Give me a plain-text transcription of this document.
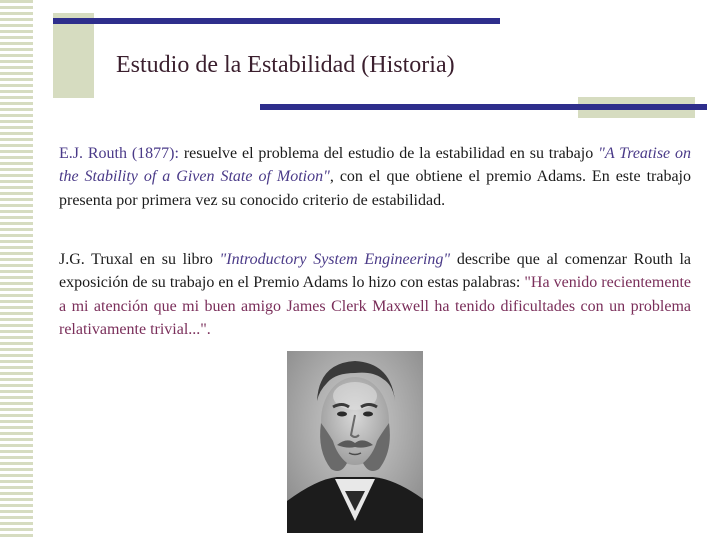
Estudio de la Estabilidad (Historia)
E.J. Routh (1877): resuelve el problema del estudio de la estabilidad en su trabajo "A Treatise on the Stability of a Given State of Motion", con el que obtiene el premio Adams. En este trabajo presenta por primera vez su conocido criterio de estabilidad.
J.G. Truxal en su libro "Introductory System Engineering" describe que al comenzar Routh la exposición de su trabajo en el Premio Adams lo hizo con estas palabras: "Ha venido recientemente a mi atención que mi buen amigo James Clerk Maxwell ha tenido dificultades con un problema relativamente trivial...".
